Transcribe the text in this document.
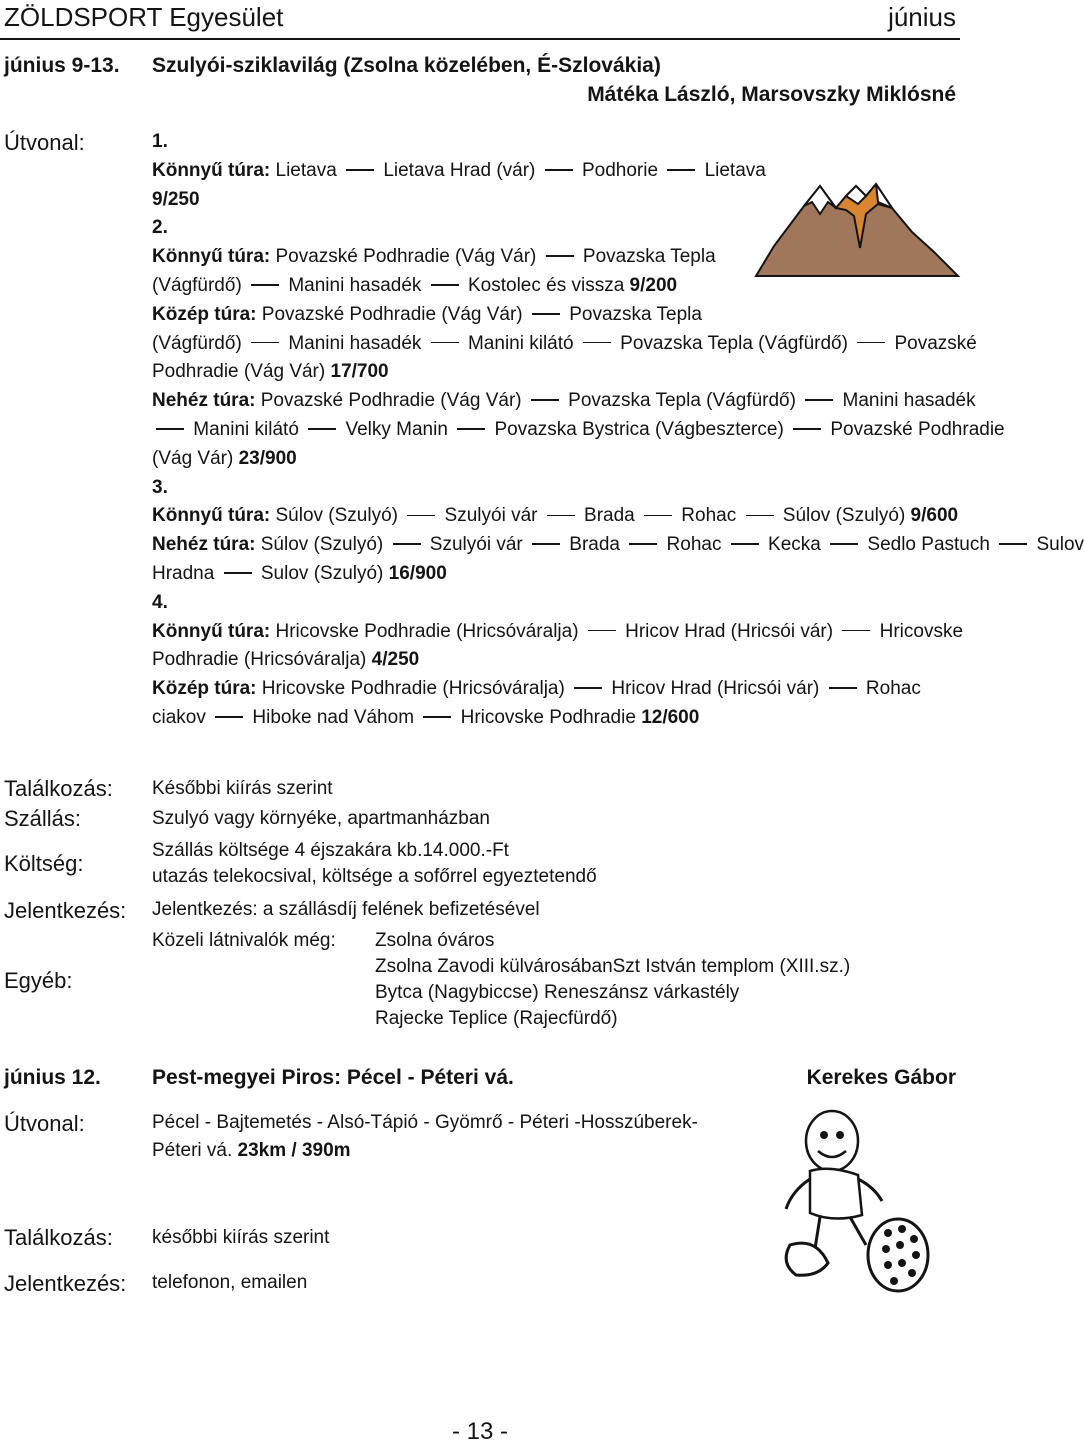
ZÖLDSPORT Egyesület	június
június 9-13. Szulyói-sziklavilág (Zsolna közelében, É-Szlovákia)
Mátéka László, Marsovszky Miklósné
Útvonal:	1.
Könnyű túra: Lietava  Lietava Hrad (vár)  Podhorie  Lietava
9/250
2.
Könnyű túra: Povazské Podhradie (Vág Vár)  Povazska Tepla
(Vágfürdő)  Manini hasadék  Kostolec és vissza 9/200
Közép túra: Povazské Podhradie (Vág Vár)  Povazska Tepla
(Vágfürdő)  Manini hasadék  Manini kilátó  Povazska Tepla (Vágfürdő)  Povazské
Podhradie (Vág Vár) 17/700
Nehéz túra: Povazské Podhradie (Vág Vár)  Povazska Tepla (Vágfürdő)  Manini hasadék
Manini kilátó  Velky Manin  Povazska Bystrica (Vágbeszterce)  Povazské Podhradie
(Vág Vár) 23/900
3.
Könnyű túra: Súlov (Szulyó)  Szulyói vár  Brada  Rohac  Súlov (Szulyó) 9/600
Nehéz túra: Súlov (Szulyó)  Szulyói vár  Brada  Rohac  Kecka  Sedlo Pastuch  Sulov
Hradna  Sulov (Szulyó) 16/900
4.
Könnyű túra: Hricovske Podhradie (Hricsóváralja)  Hricov Hrad (Hricsói vár)  Hricovske
Podhradie (Hricsóváralja) 4/250
Közép túra: Hricovske Podhradie (Hricsóváralja)  Hricov Hrad (Hricsói vár)  Rohac
ciakov  Hiboke nad Váhom  Hricovske Podhradie 12/600
Találkozás: Későbbi kiírás szerint
Szállás:	Szulyó vagy környéke, apartmanházban
Költség:
Szállás költsége 4 éjszakára kb.14.000.-Ft
utazás telekocsival, költsége a sofőrrel egyeztetendő
Jelentkezés: Jelentkezés: a szállásdíj felének befizetésével
Egyéb:
Közeli látnivalók még: Zsolna óváros
Zsolna Zavodi külvárosábanSzt István templom (XIII.sz.)
Bytca (Nagybiccse) Reneszánsz várkastély
Rajecke Teplice (Rajecfürdő)
június 12. Pest-megyei Piros: Pécel - Péteri vá.	Kerekes Gábor
Útvonal:	Pécel - Bajtemetés - Alsó-Tápió - Gyömrő - Péteri -Hosszúberek-
Péteri vá. 23km / 390m
Találkozás: későbbi kiírás szerint
Jelentkezés: telefonon, emailen
- 13 -
